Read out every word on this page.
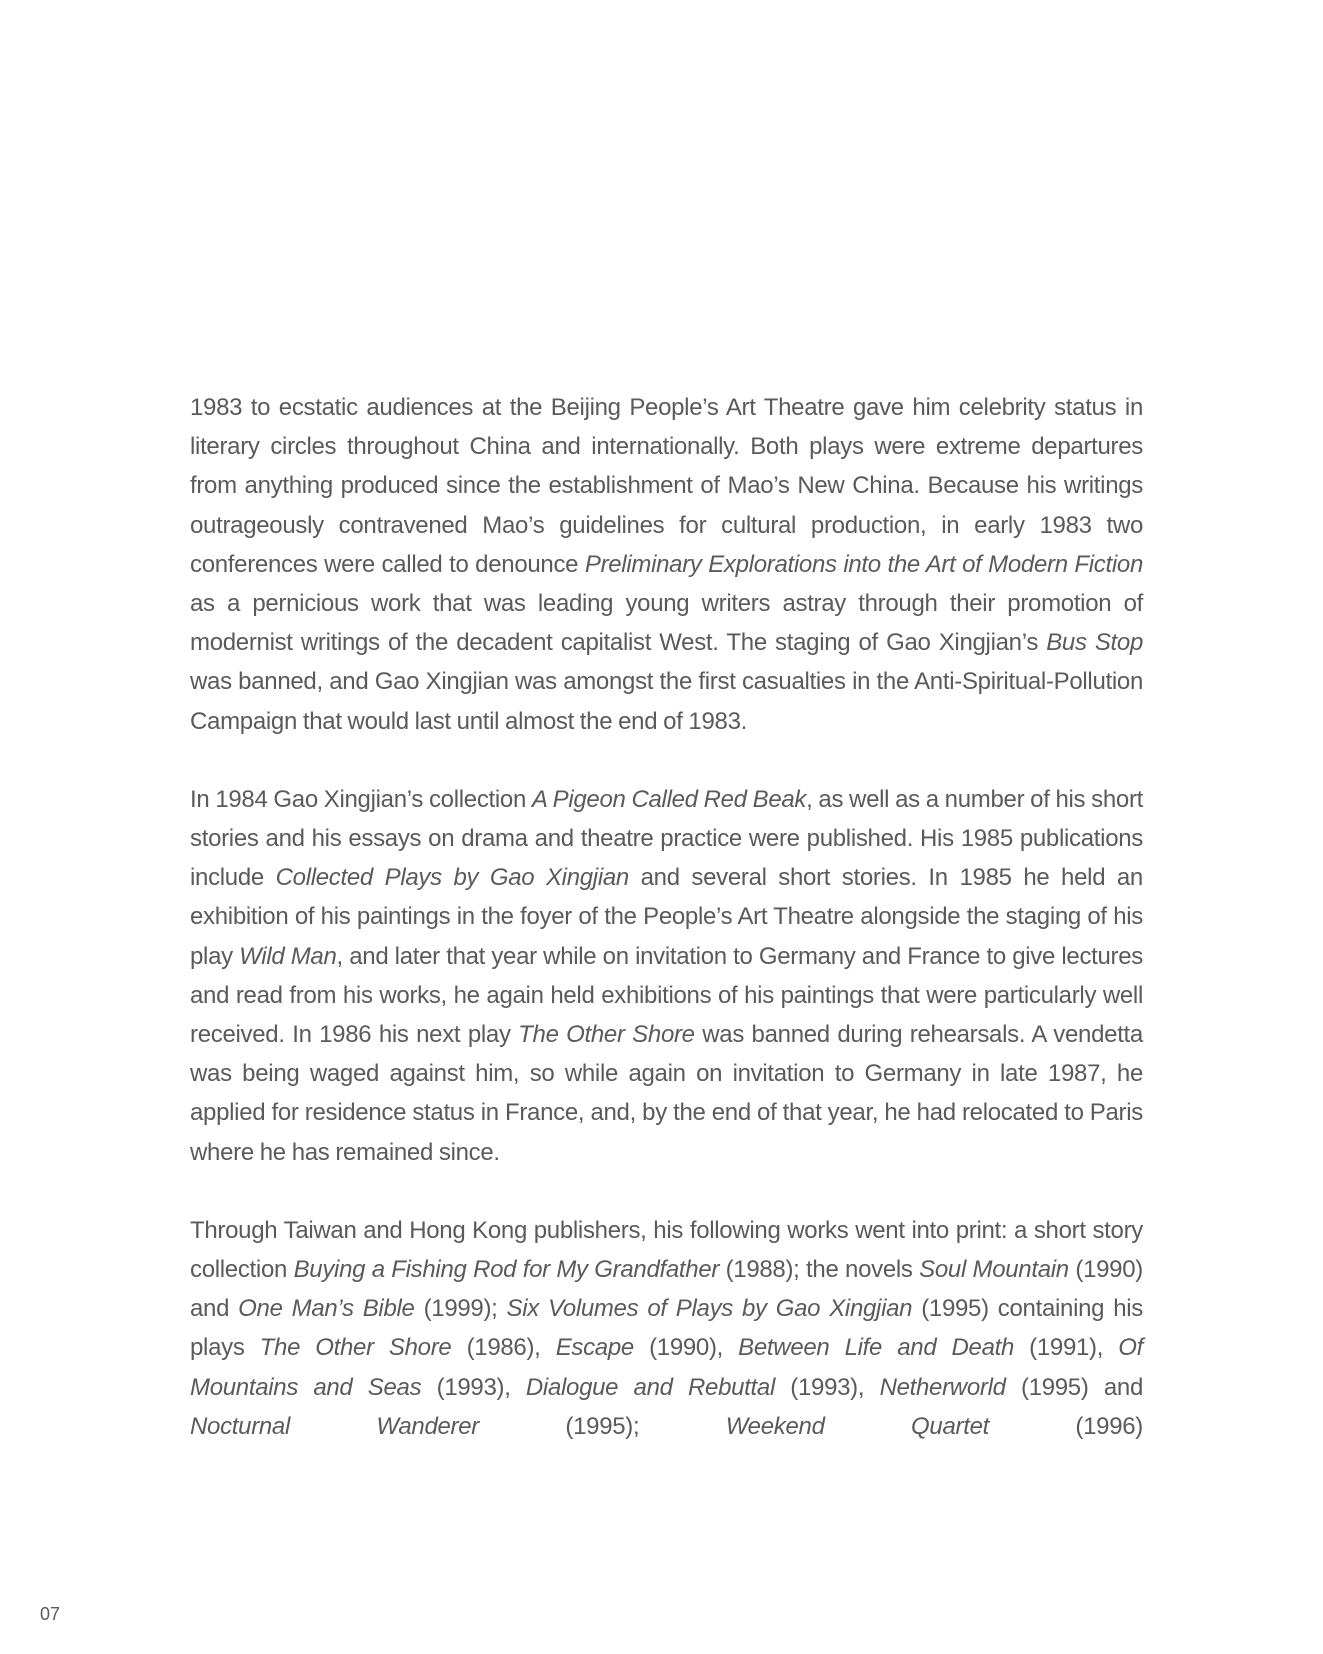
1983 to ecstatic audiences at the Beijing People’s Art Theatre gave him celebrity status in literary circles throughout China and internationally. Both plays were extreme departures from anything produced since the establishment of Mao’s New China. Because his writings outrageously contravened Mao’s guidelines for cultural production, in early 1983 two conferences were called to denounce Preliminary Explorations into the Art of Modern Fiction as a pernicious work that was leading young writers astray through their promotion of modernist writings of the decadent capitalist West. The staging of Gao Xingjian’s Bus Stop was banned, and Gao Xingjian was amongst the first casualties in the Anti-Spiritual-Pollution Campaign that would last until almost the end of 1983.

In 1984 Gao Xingjian’s collection A Pigeon Called Red Beak, as well as a number of his short stories and his essays on drama and theatre practice were published. His 1985 publications include Collected Plays by Gao Xingjian and several short stories. In 1985 he held an exhibition of his paintings in the foyer of the People’s Art Theatre alongside the staging of his play Wild Man, and later that year while on invitation to Germany and France to give lectures and read from his works, he again held exhibitions of his paintings that were particularly well received. In 1986 his next play The Other Shore was banned during rehearsals. A vendetta was being waged against him, so while again on invitation to Germany in late 1987, he applied for residence status in France, and, by the end of that year, he had relocated to Paris where he has remained since.

Through Taiwan and Hong Kong publishers, his following works went into print: a short story collection Buying a Fishing Rod for My Grandfather (1988); the novels Soul Mountain (1990) and One Man’s Bible (1999); Six Volumes of Plays by Gao Xingjian (1995) containing his plays The Other Shore (1986), Escape (1990), Between Life and Death (1991), Of Mountains and Seas (1993), Dialogue and Rebuttal (1993), Netherworld (1995) and Nocturnal Wanderer (1995); Weekend Quartet (1996)

07
